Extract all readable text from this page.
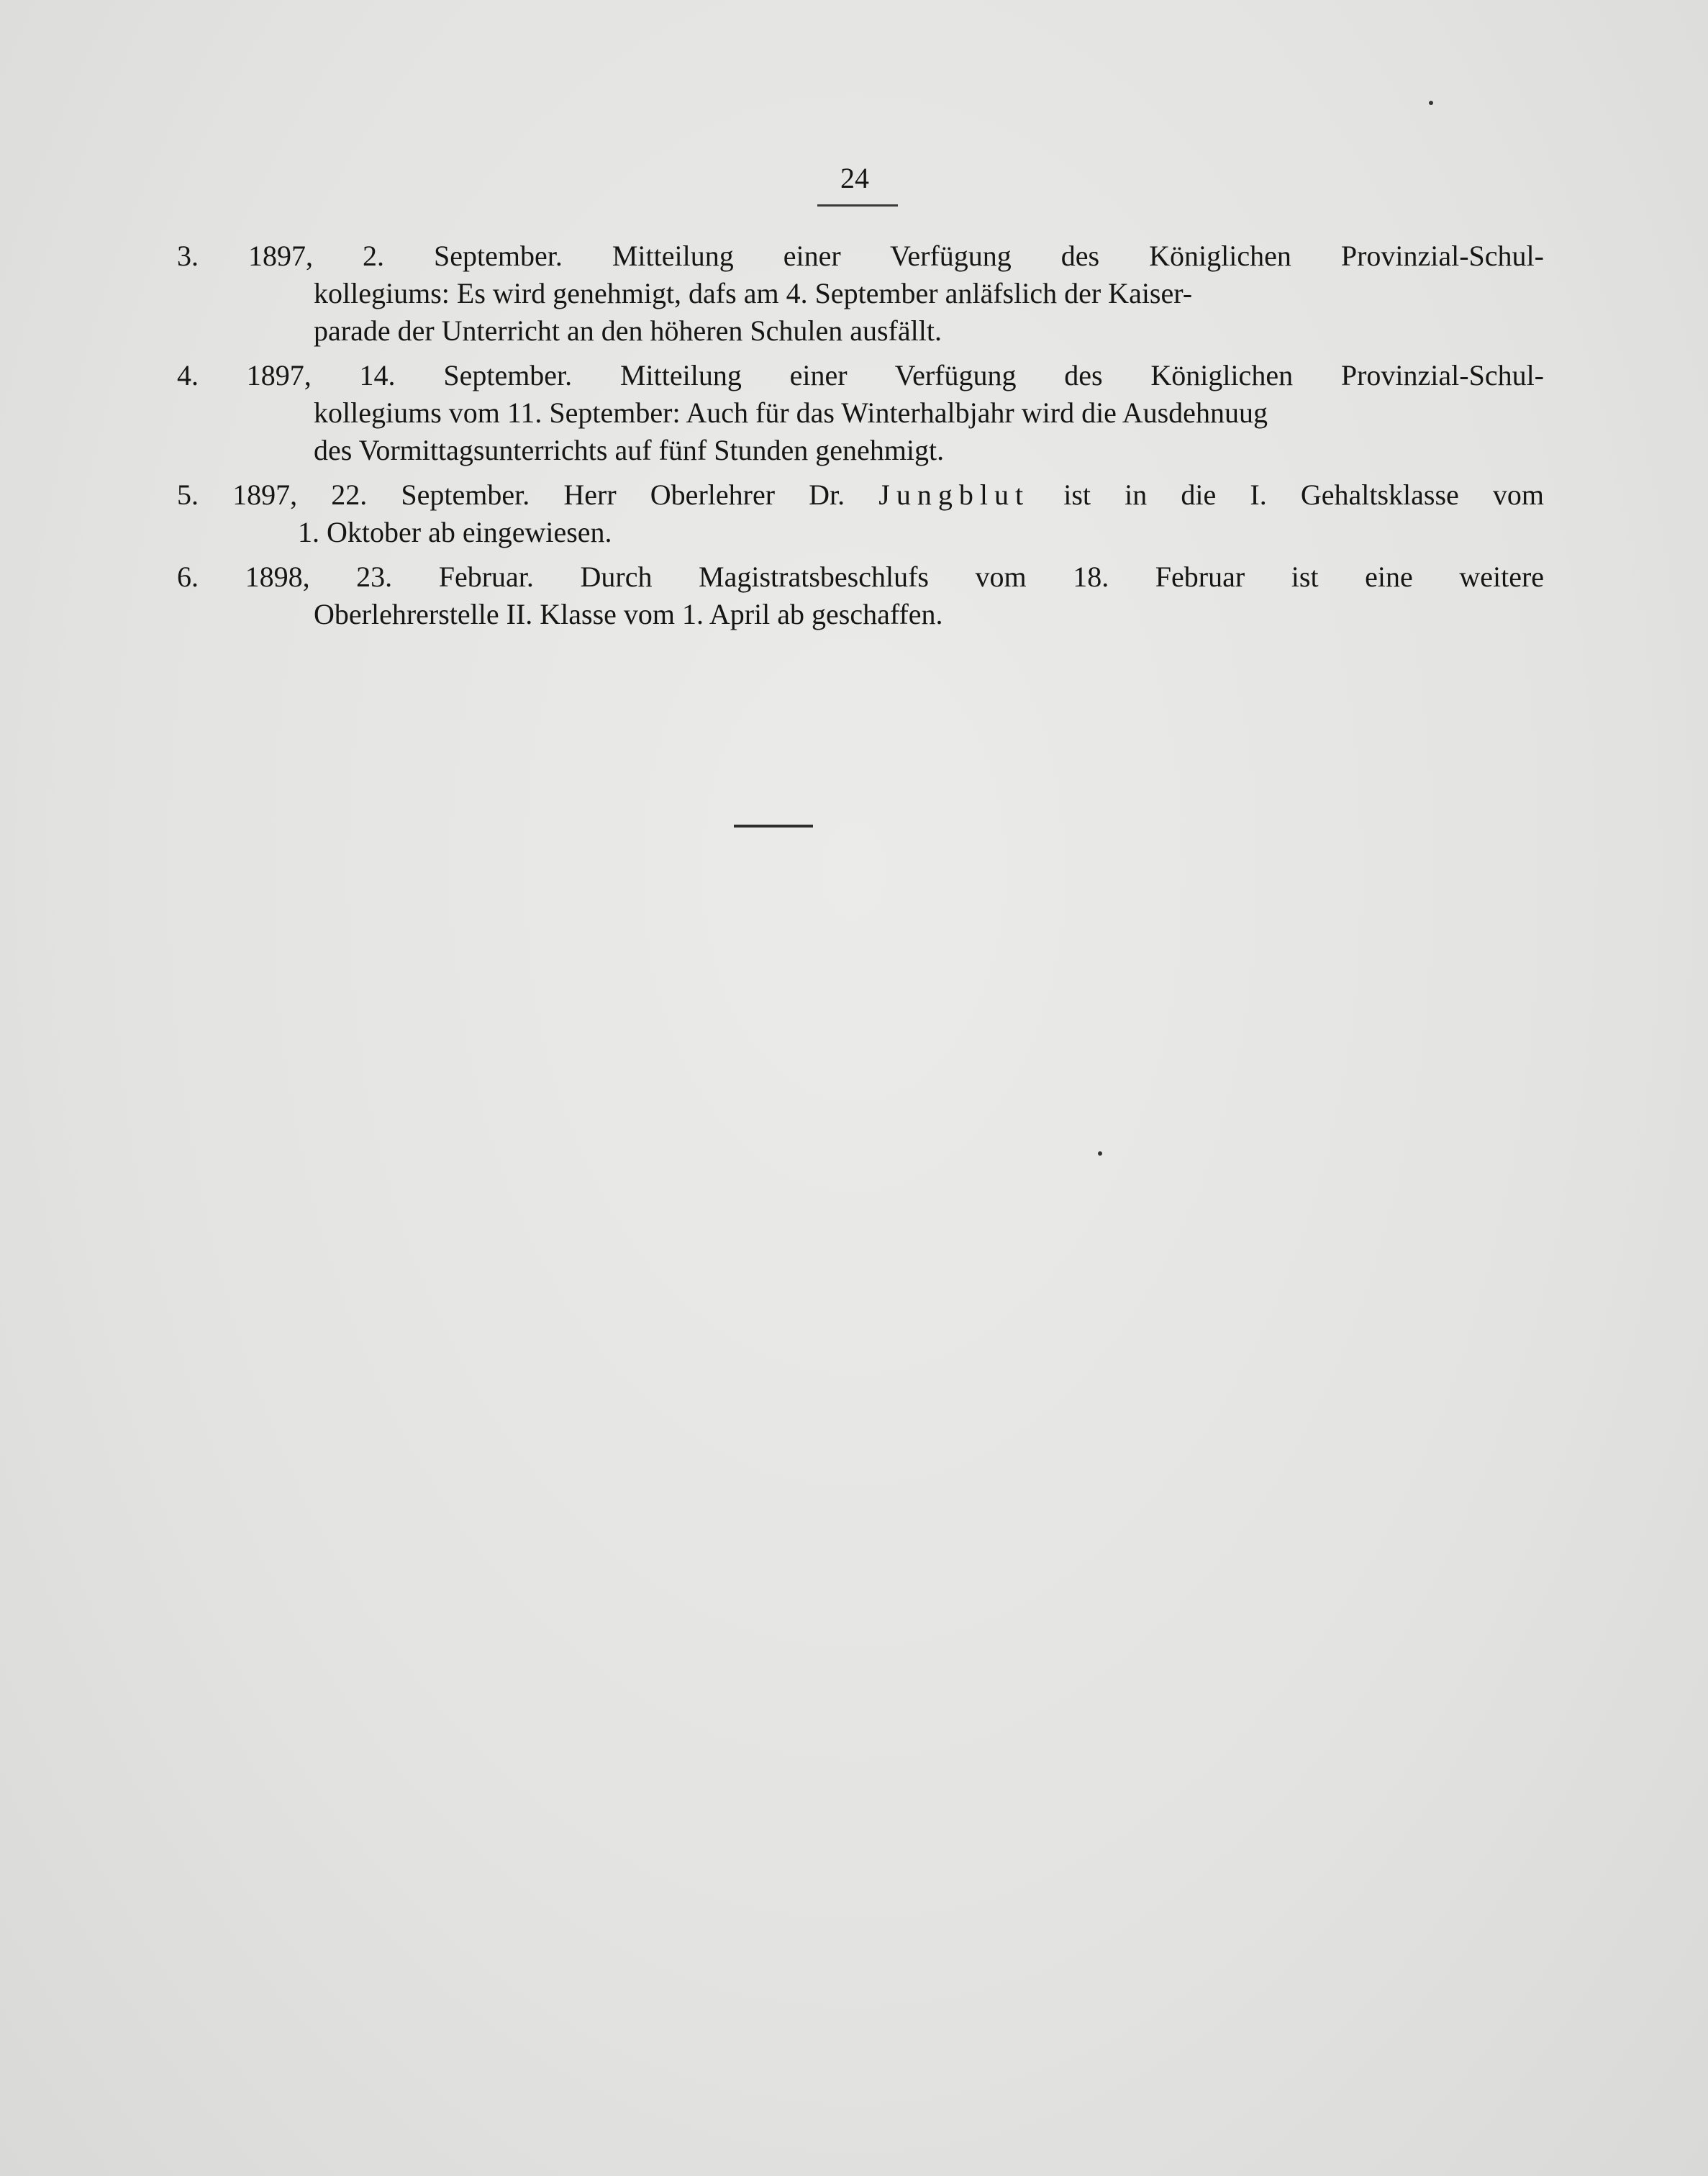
24
3. 1897, 2. September. Mitteilung einer Verfügung des Königlichen Provinzial-Schul-
kollegiums: Es wird genehmigt, dafs am 4. September anläfslich der Kaiser-
parade der Unterricht an den höheren Schulen ausfällt.
4. 1897, 14. September. Mitteilung einer Verfügung des Königlichen Provinzial-Schul-
kollegiums vom 11. September: Auch für das Winterhalbjahr wird die Ausdehnuug
des Vormittagsunterrichts auf fünf Stunden genehmigt.
5. 1897, 22. September. Herr Oberlehrer Dr. Jungblut ist in die I. Gehaltsklasse vom
1. Oktober ab eingewiesen.
6. 1898, 23. Februar. Durch Magistratsbeschlufs vom 18. Februar ist eine weitere
Oberlehrerstelle II. Klasse vom 1. April ab geschaffen.
